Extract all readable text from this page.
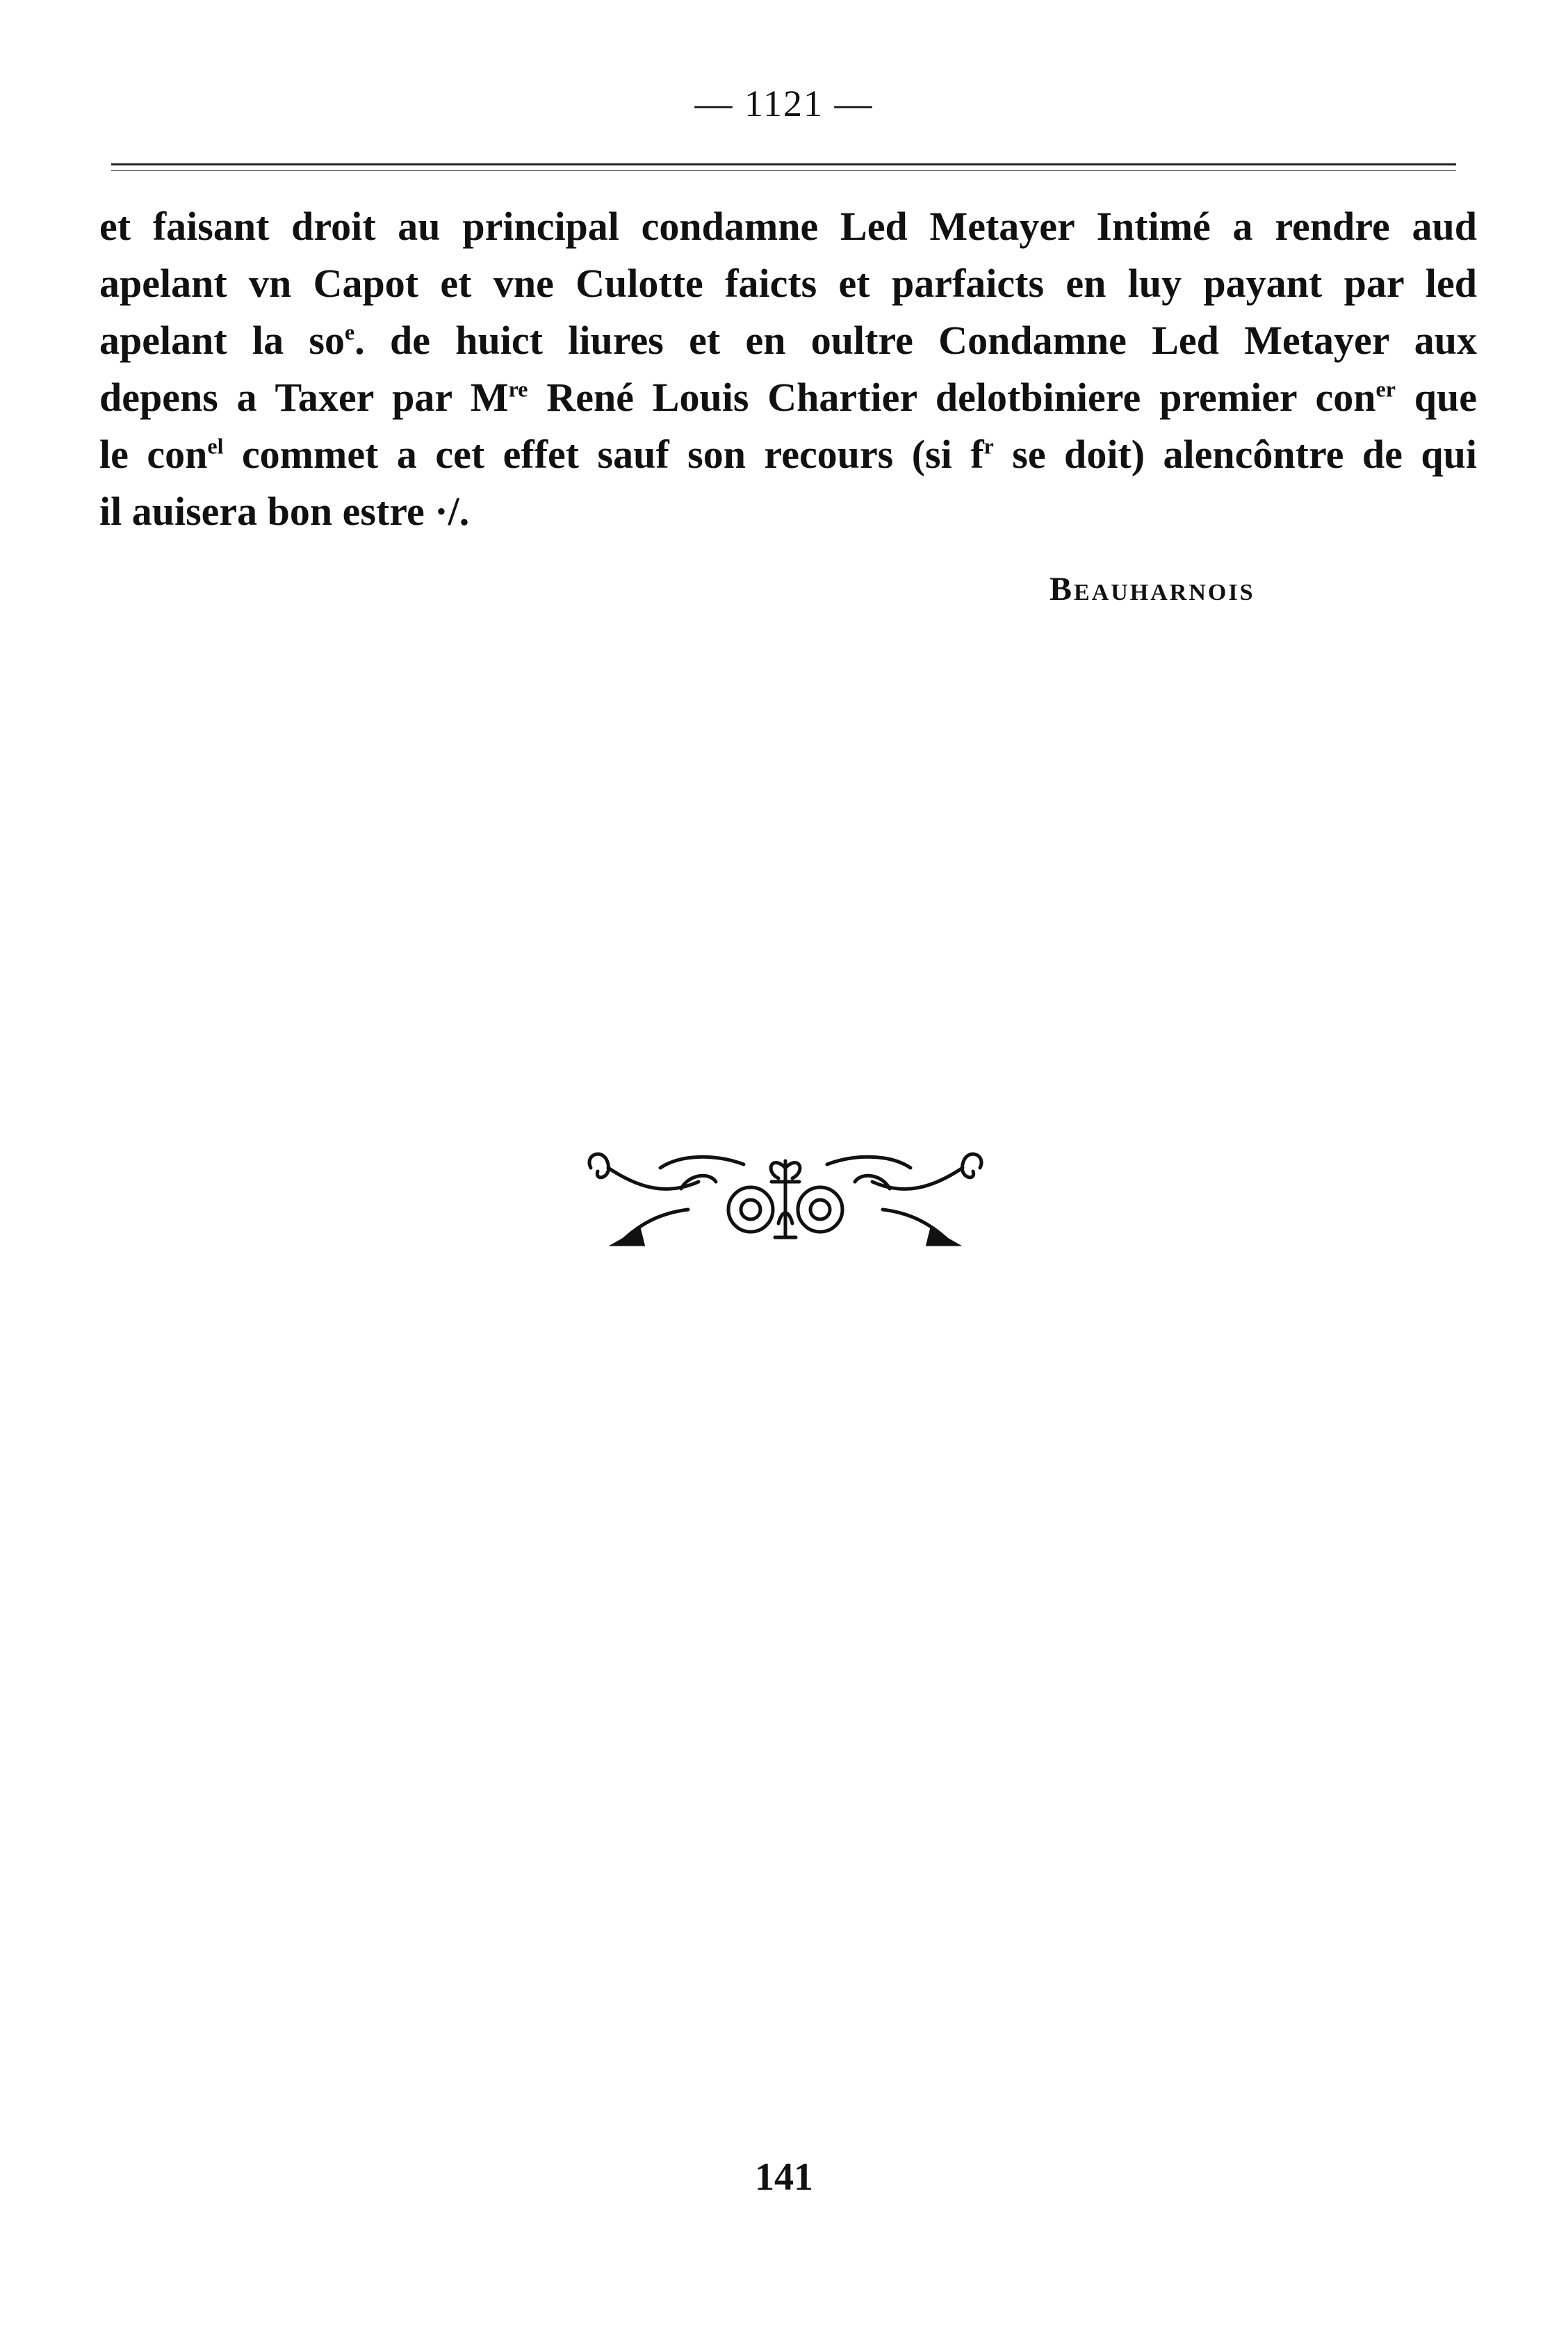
— 1121 —
et faisant droit au principal condamne Led Metayer Intimé a rendre aud
apelant vn Capot et vne Culotte faicts et parfaicts en luy payant par led
apelant la $so^e$. de huict liures et en oultre Condamne Led Metayer aux
depens a Taxer par Mre René Louis Chartier delotbiniere premier con$^{er}$ que
le con$^{el}$ commet a cet effet sauf son recours (si $f^r$ se doit) alencôntre de qui
il auisera bon estre ·/.
Beauharnois
141
